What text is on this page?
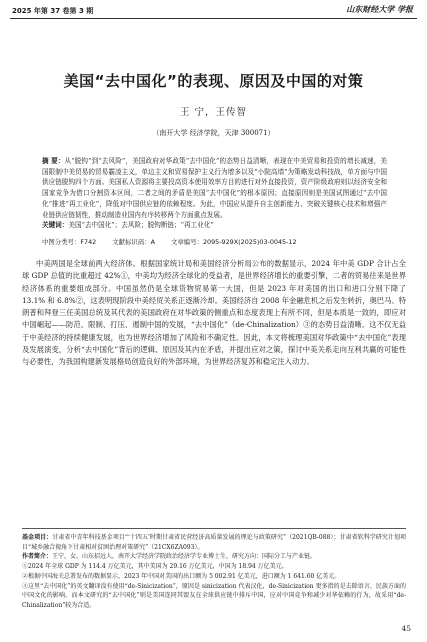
2025 年第 37 卷第 3 期	山东财经大学 学报
美国“去中国化”的表现、原因及中国的对策
王 宁，王传智
（南开大学 经济学院，天津 300071）
摘 要：从“脱钩”到“去风险”，美国政府对华政策“去中国化”的态势日益清晰，表现在中美贸易和投资的增长减速，美国限制中美贸易的贸易霸凌主义，单边主义和贸易保护主义行为增多以及“小院高墙”为策略发动科技战，单方面与中国供应链脱钩四个方面。美国私人资源将主要投高资本使用效率方目的进行对外直接投资，资产阶级政府则以经济安全和国家竞争为借口分割资本区间，二者之间的矛盾是美国“去中国化”的根本原因；直接原因则是美国试图通过“去中国化”推进“再工业化”，降低对中国供应链的依赖程度。为此，中国应从提升自主创新能力、突破关键核心技术和增强产业链供应链韧性，推动制造业国内有序转移两个方面重点发展。
关键词：美国“去中国化”；去风险；脱钩断链；“再工业化”
中图分类号：F742	文献标识码：A	文章编号：2095-929X(2025)03-0045-12

中美两国是全球前两大经济体。根据国家统计局和美国经济分析局公布的数据显示，2024 年中美 GDP 合计占全球 GDP 总值的比重超过 42%①，中美均为经济全球化的受益者，是世界经济增长的重要引擎，二者的贸易往来是世界经济体系的重要组成部分。中国虽然仍是全球货物贸易第一大国，但是 2023 年对美国的出口和进口分别下降了 13.1% 和 6.8%②，这表明现阶段中美经贸关系正逐渐冷却。美国经济自 2008 年金融危机之后发生转折，奥巴马、特朗普和拜登三任美国总统及其代表的美国政府在对华政策的侧重点和态度表现上有所不同，但是本质是一致的，即应对中国崛起——防范、限制、打压、遏制中国的发展，“去中国化”（de-Chinalization）③的态势日益清晰。这不仅无益于中美经济的持续健康发展，也为世界经济增加了风险和不确定性。因此，本文将梳理美国对华政策中“去中国化”表现及发展演变，分析“去中国化”背后的逻辑、原因及其内在矛盾，并提出应对之策，探讨中美关系走向互利共赢的可能性与必要性，为我国构建新发展格局创造良好的外部环境，为世界经济复苏和稳定注入动力。

基金项目：甘肃省中青年科技基金项目“‘十四五’时期甘肃省民营经济高质量发展的理论与政策研究”（2021QB-088）；甘肃省软科学研究计划项目“城乡融合视角下甘肃相对贫困治理对策研究”（21CX6ZA093）。

作者简介：王宁，女，山东招远人，南开大学经济学院政治经济学专业博士生，研究方向：国际分工与产业链。

①2024 年全球 GDP 为 114.4 万亿美元，其中美国为 29.16 万亿美元，中国为 18.94 万亿美元。

②根据中国海关总署发布的数据显示，2023 年中国对美国的出口额为 5 002.91 亿美元，进口额为 1 641.60 亿美元。

③这里“去中国化”的英文翻译没有使用“de-Sinicization”，原因是 sinicization 代表汉化，de-Sinicization 更多指的是去除语言、民族方面的中国文化的影响。而本文研究的“去中国化”则是美国连同其盟友在全球供应链中排斥中国，应对中国竞争和减少对华依赖的行为，故采用“de-Chinalization”较为合适。

45
